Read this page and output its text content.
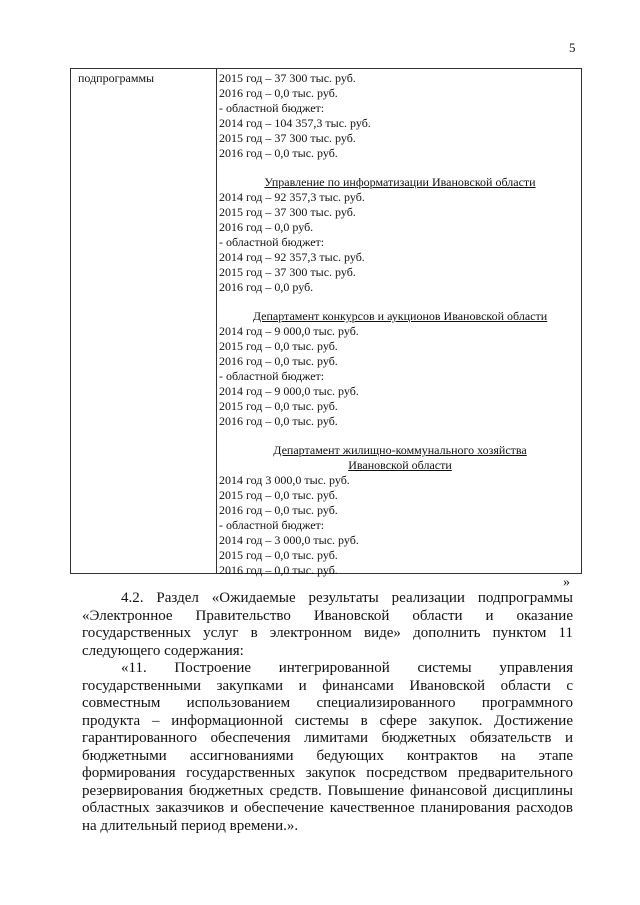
5
подпрограммы	2015 год – 37 300 тыс. руб.
2016 год – 0,0 тыс. руб.
- областной бюджет:
2014 год – 104 357,3 тыс. руб.
2015 год – 37 300 тыс. руб.
2016 год – 0,0 тыс. руб.
Управление по информатизации Ивановской области
2014 год – 92 357,3 тыс. руб.
2015 год – 37 300 тыс. руб.
2016 год – 0,0 руб.
- областной бюджет:
2014 год – 92 357,3 тыс. руб.
2015 год – 37 300 тыс. руб.
2016 год – 0,0 руб.
Департамент конкурсов и аукционов Ивановской области
2014 год – 9 000,0 тыс. руб.
2015 год – 0,0 тыс. руб.
2016 год – 0,0 тыс. руб.
- областной бюджет:
2014 год – 9 000,0 тыс. руб.
2015 год – 0,0 тыс. руб.
2016 год – 0,0 тыс. руб.
Департамент жилищно-коммунального хозяйства
Ивановской области
2014 год 3 000,0 тыс. руб.
2015 год – 0,0 тыс. руб.
2016 год – 0,0 тыс. руб.
- областной бюджет:
2014 год – 3 000,0 тыс. руб.
2015 год – 0,0 тыс. руб.
2016 год – 0,0 тыс. руб.
»
4.2. Раздел «Ожидаемые результаты реализации подпрограммы
«Электронное Правительство Ивановской области и оказание
государственных услуг в электронном виде» дополнить пунктом 11
следующего содержания:
«11. Построение интегрированной системы управления
государственными закупками и финансами Ивановской области с
совместным использованием специализированного программного
продукта – информационной системы в сфере закупок. Достижение
гарантированного обеспечения лимитами бюджетных обязательств и
бюджетными ассигнованиями бедующих контрактов на этапе
формирования государственных закупок посредством предварительного
резервирования бюджетных средств. Повышение финансовой дисциплины
областных заказчиков и обеспечение качественное планирования расходов
на длительный период времени.».
